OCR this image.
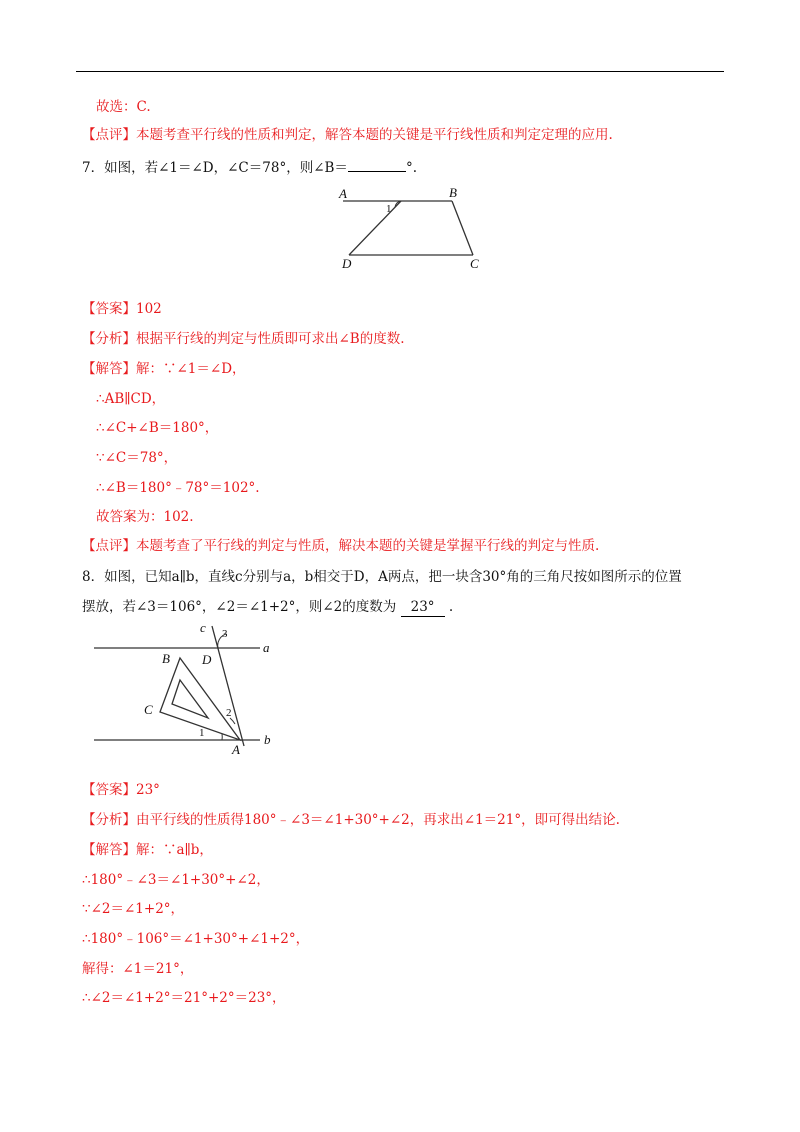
故选：C.
【点评】本题考查平行线的性质和判定，解答本题的关键是平行线性质和判定定理的应用.
7．如图，若∠1＝∠D，∠C＝78°，则∠B＝	°.
A	B
1
D	C
【答案】102
【分析】根据平行线的判定与性质即可求出∠B的度数.
【解答】解：∵∠1＝∠D，
∴AB∥CD，
∴∠C+∠B＝180°，
∵∠C＝78°，
∴∠B＝180°﹣78°＝102°.
故答案为：102.
【点评】本题考查了平行线的判定与性质，解决本题的关键是掌握平行线的判定与性质.
8．如图，已知a∥b，直线c分别与a，b相交于D，A两点，把一块含30°角的三角尺按如图所示的位置
摆放，若∠3＝106°，∠2＝∠1+2°，则∠2的度数为 23° .
c 3
a
B D
C	2
1
A
b
【答案】23°
【分析】由平行线的性质得180°﹣∠3＝∠1+30°+∠2，再求出∠1＝21°，即可得出结论.
【解答】解：∵a∥b，
∴180°﹣∠3＝∠1+30°+∠2，
∵∠2＝∠1+2°，
∴180°﹣106°＝∠1+30°+∠1+2°，
解得：∠1＝21°，
∴∠2＝∠1+2°＝21°+2°＝23°，
